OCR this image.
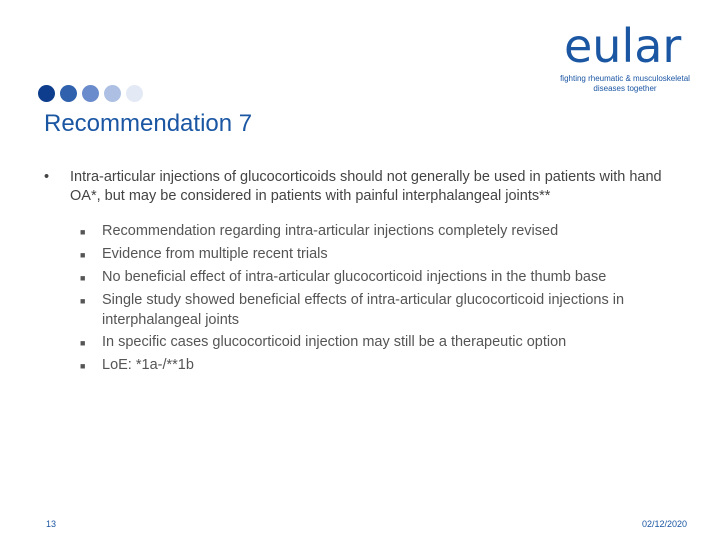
eular
fighting rheumatic & musculoskeletal
diseases together
Recommendation 7
•	Intra-articular injections of glucocorticoids should not generally be used in patients with hand OA*, but may be considered in patients with painful interphalangeal joints**
■	Recommendation regarding intra-articular injections completely revised
■	Evidence from multiple recent trials
■	No beneficial effect of intra-articular glucocorticoid injections in the thumb base
■	Single study showed beneficial effects of intra-articular glucocorticoid injections in interphalangeal joints
■	In specific cases glucocorticoid injection may still be a therapeutic option
■	LoE: *1a-/**1b
13	02/12/2020
